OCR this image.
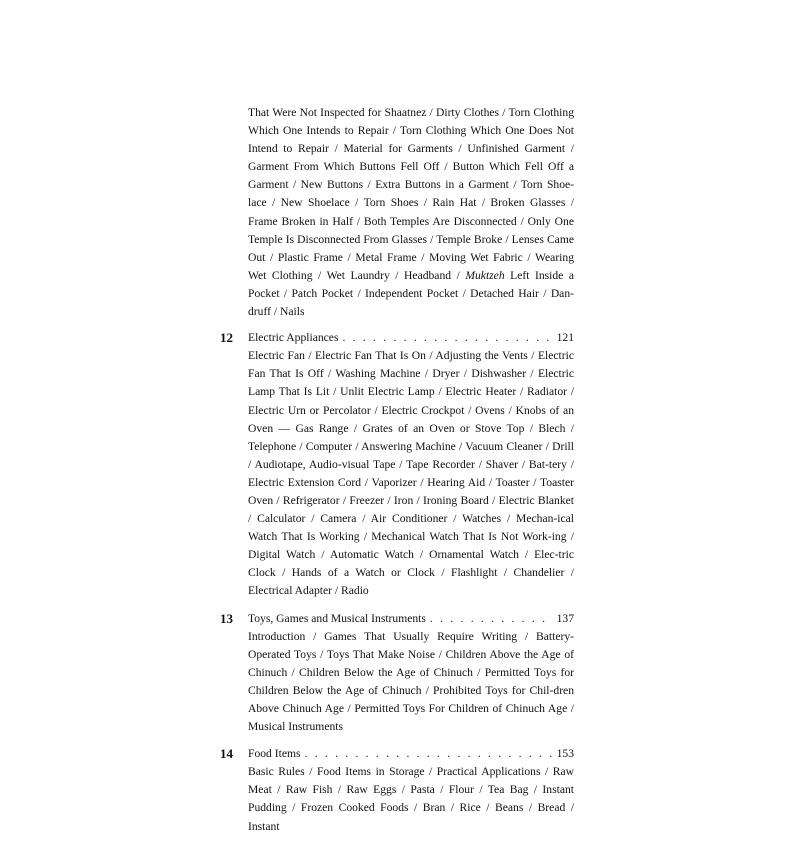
That Were Not Inspected for Shaatnez / Dirty Clothes / Torn Clothing Which One Intends to Repair / Torn Clothing Which One Does Not Intend to Repair / Material for Garments / Unfinished Garment / Garment From Which Buttons Fell Off / Button Which Fell Off a Garment / New Buttons / Extra Buttons in a Garment / Torn Shoe-lace / New Shoelace / Torn Shoes / Rain Hat / Broken Glasses / Frame Broken in Half / Both Temples Are Disconnected / Only One Temple Is Disconnected From Glasses / Temple Broke / Lenses Came Out / Plastic Frame / Metal Frame / Moving Wet Fabric / Wearing Wet Clothing / Wet Laundry / Headband / Muktzeh Left Inside a Pocket / Patch Pocket / Independent Pocket / Detached Hair / Dan-druff / Nails

12 Electric Appliances . . .	121

Electric Fan / Electric Fan That Is On / Adjusting the Vents / Electric Fan That Is Off / Washing Machine / Dryer / Dishwasher / Electric Lamp That Is Lit / Unlit Electric Lamp / Electric Heater / Radiator / Electric Urn or Percolator / Electric Crockpot / Ovens / Knobs of an Oven — Gas Range / Grates of an Oven or Stove Top / Blech / Telephone / Computer / Answering Machine / Vacuum Cleaner / Drill / Audiotape, Audio-visual Tape / Tape Recorder / Shaver / Bat-tery / Electric Extension Cord / Vaporizer / Hearing Aid / Toaster / Toaster Oven / Refrigerator / Freezer / Iron / Ironing Board / Electric Blanket / Calculator / Camera / Air Conditioner / Watches / Mechan-ical Watch That Is Working / Mechanical Watch That Is Not Work-ing / Digital Watch / Automatic Watch / Ornamental Watch / Elec-tric Clock / Hands of a Watch or Clock / Flashlight / Chandelier / Electrical Adapter / Radio

13 Toys, Games and Musical Instruments . . .	137

Introduction / Games That Usually Require Writing / Battery-Operated Toys / Toys That Make Noise / Children Above the Age of Chinuch / Children Below the Age of Chinuch / Permitted Toys for Children Below the Age of Chinuch / Prohibited Toys for Chil-dren Above Chinuch Age / Permitted Toys For Children of Chinuch Age / Musical Instruments

14 Food Items . . .	153

Basic Rules / Food Items in Storage / Practical Applications / Raw Meat / Raw Fish / Raw Eggs / Pasta / Flour / Tea Bag / Instant Pudding / Frozen Cooked Foods / Bran / Rice / Beans / Bread / Instant
